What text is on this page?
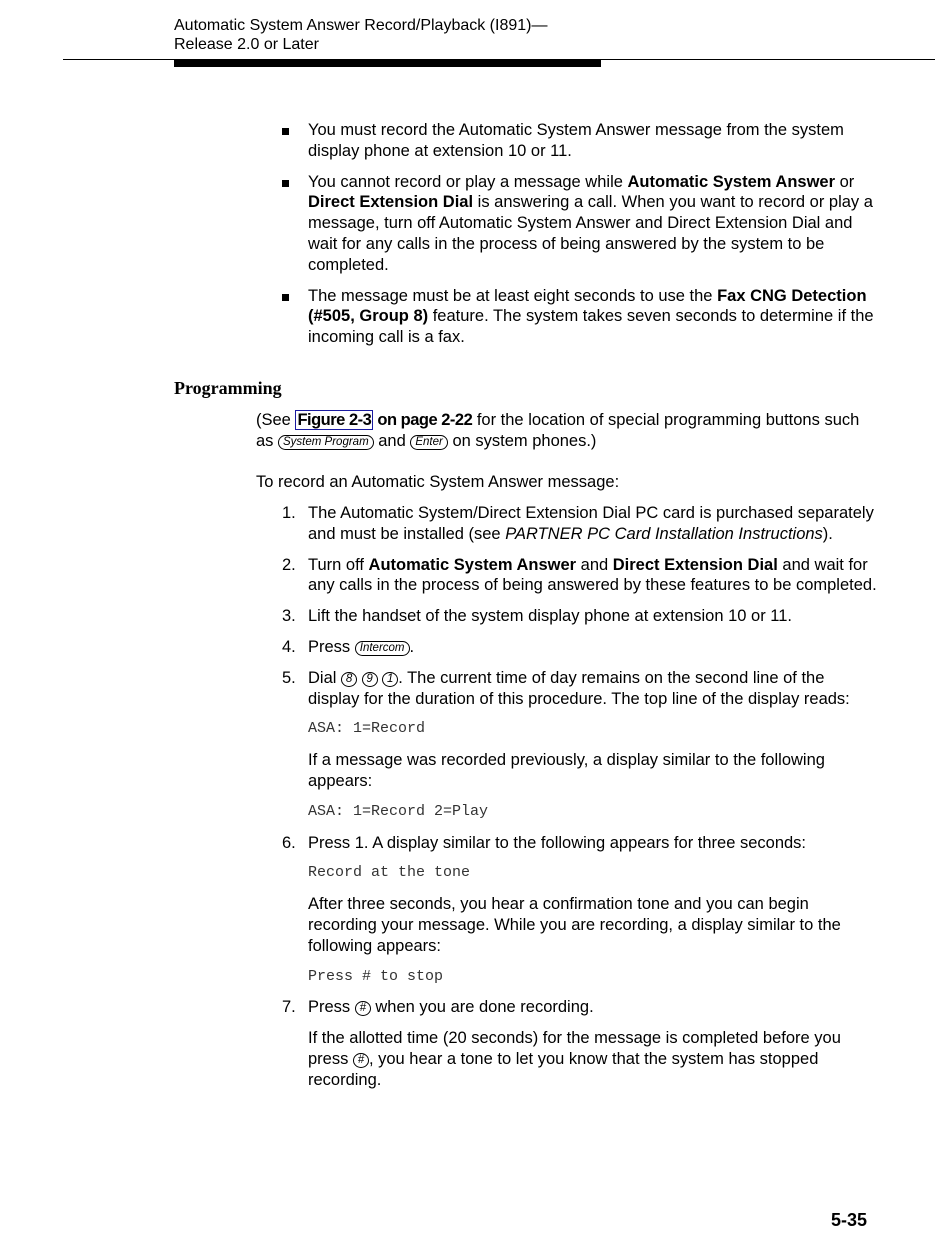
Automatic System Answer Record/Playback (I891)—
Release 2.0 or Later
You must record the Automatic System Answer message from the system display phone at extension 10 or 11.
You cannot record or play a message while Automatic System Answer or Direct Extension Dial is answering a call. When you want to record or play a message, turn off Automatic System Answer and Direct Extension Dial and wait for any calls in the process of being answered by the system to be completed.
The message must be at least eight seconds to use the Fax CNG Detection (#505, Group 8) feature. The system takes seven seconds to determine if the incoming call is a fax.
Programming
(See Figure 2-3 on page 2-22 for the location of special programming buttons such as System Program and Enter on system phones.)
To record an Automatic System Answer message:
1. The Automatic System/Direct Extension Dial PC card is purchased separately and must be installed (see PARTNER PC Card Installation Instructions).
2. Turn off Automatic System Answer and Direct Extension Dial and wait for any calls in the process of being answered by these features to be completed.
3. Lift the handset of the system display phone at extension 10 or 11.
4. Press Intercom .
5. Dial 8 9 1 . The current time of day remains on the second line of the display for the duration of this procedure. The top line of the display reads:
ASA: 1=Record
If a message was recorded previously, a display similar to the following appears:
ASA: 1=Record 2=Play
6. Press 1. A display similar to the following appears for three seconds:
Record at the tone
After three seconds, you hear a confirmation tone and you can begin recording your message. While you are recording, a display similar to the following appears:
Press # to stop
7. Press # when you are done recording.
If the allotted time (20 seconds) for the message is completed before you press # , you hear a tone to let you know that the system has stopped recording.
5-35
